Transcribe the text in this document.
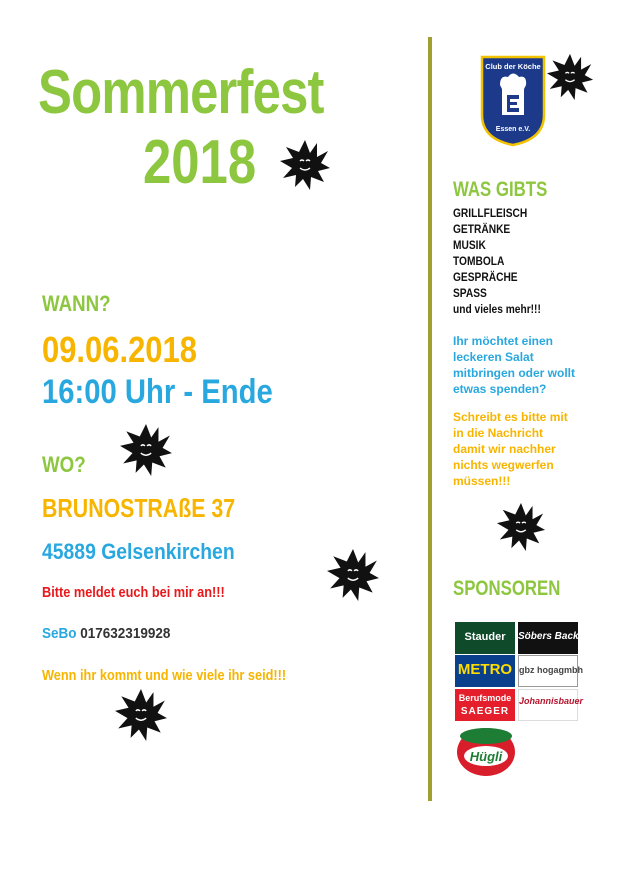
Sommerfest
2018
WANN?
09.06.2018
16:00 Uhr - Ende
WO?
BRUNOSTRAßE 37
45889 Gelsenkirchen
Bitte meldet euch bei mir an!!!
SeBo 017632319928
Wenn ihr kommt und wie viele ihr seid!!!
Club der Köche
Essen e.V.
WAS GIBTS
GRILLFLEISCH
GETRÄNKE
MUSIK
TOMBOLA
GESPRÄCHE
SPASS
und vieles mehr!!!
Ihr möchtet einen leckeren Salat mitbringen oder wollt etwas spenden?
Schreibt es bitte mit in die Nachricht damit wir nachher nichts wegwerfen müssen!!!
SPONSOREN
Stauder	Söbers Backer
METRO gbz hogagmbh
Berufsmode
SAEGER
Johannisbauer
Hügli
